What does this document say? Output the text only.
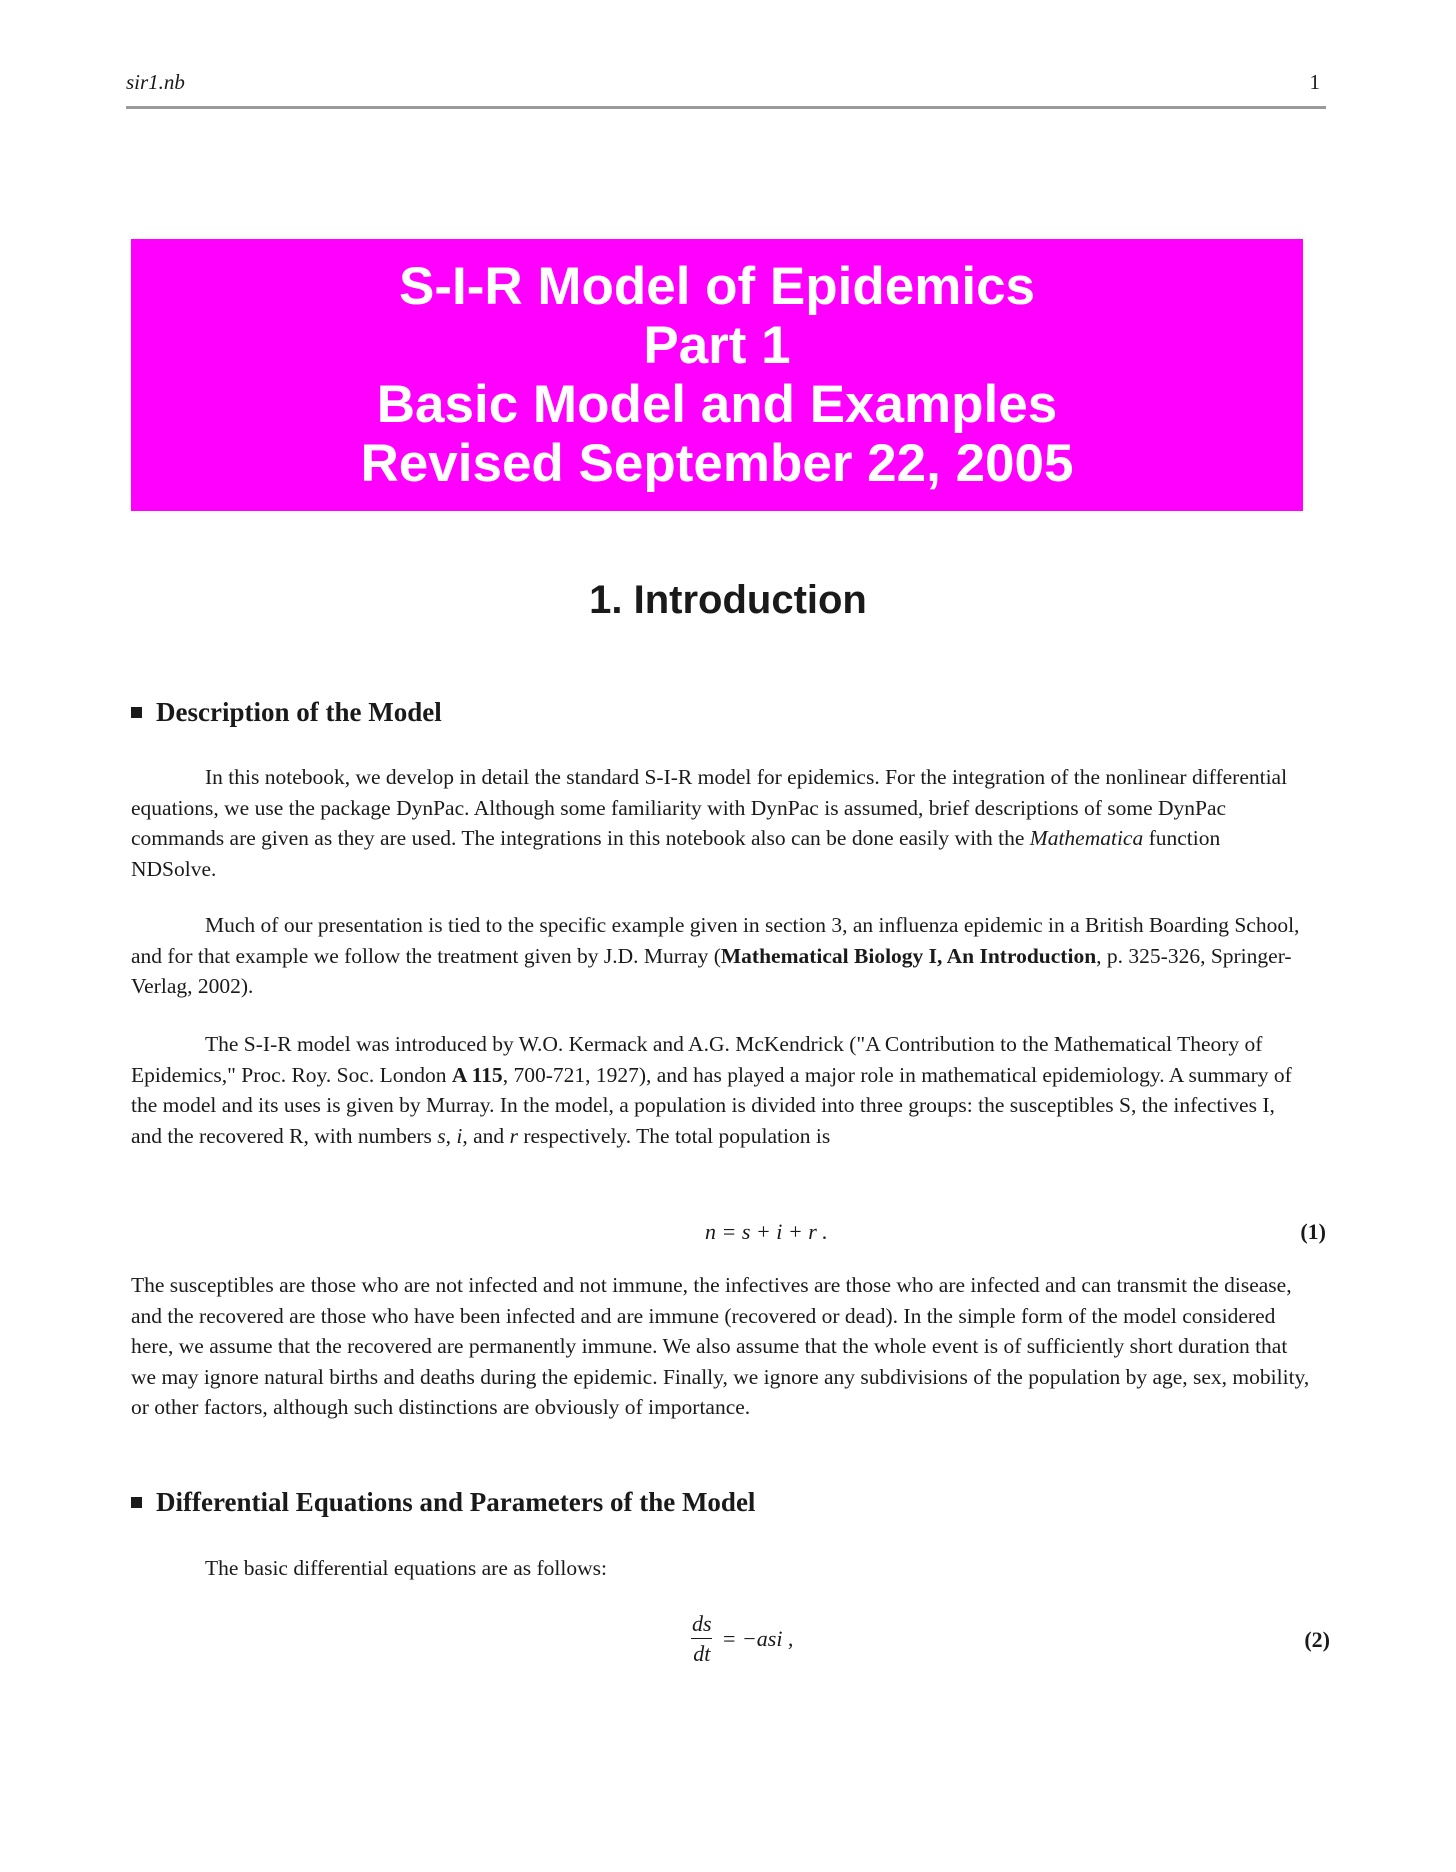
sir1.nb	1
S-I-R Model of Epidemics
Part 1
Basic Model and Examples
Revised September 22, 2005
1. Introduction
Description of the Model
In this notebook, we develop in detail the standard S-I-R model for epidemics. For the integration of the nonlinear differential equations, we use the package DynPac. Although some familiarity with DynPac is assumed, brief descriptions of some DynPac commands are given as they are used. The integrations in this notebook also can be done easily with the Mathematica function NDSolve.
Much of our presentation is tied to the specific example given in section 3, an influenza epidemic in a British Boarding School, and for that example we follow the treatment given by J.D. Murray (Mathematical Biology I, An Introduction, p. 325-326, Springer-Verlag, 2002).
The S-I-R model was introduced by W.O. Kermack and A.G. McKendrick ("A Contribution to the Mathematical Theory of Epidemics," Proc. Roy. Soc. London A 115, 700-721, 1927), and has played a major role in mathematical epidemiology. A summary of the model and its uses is given by Murray. In the model, a population is divided into three groups: the susceptibles S, the infectives I, and the recovered R, with numbers s, i, and r respectively. The total population is
n = s + i + r .	(1)
The susceptibles are those who are not infected and not immune, the infectives are those who are infected and can transmit the disease, and the recovered are those who have been infected and are immune (recovered or dead). In the simple form of the model considered here, we assume that the recovered are permanently immune. We also assume that the whole event is of sufficiently short duration that we may ignore natural births and deaths during the epidemic. Finally, we ignore any subdivisions of the population by age, sex, mobility, or other factors, although such distinctions are obviously of importance.
Differential Equations and Parameters of the Model
The basic differential equations are as follows:
$\frac{ds}{dt} = -asi$ ,	(2)
